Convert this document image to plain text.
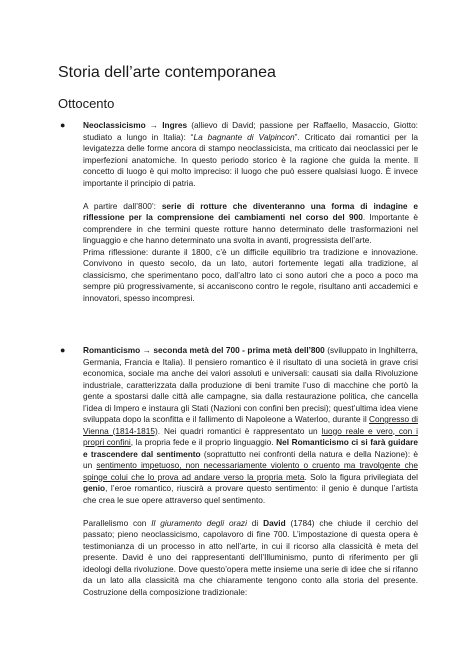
Storia dell’arte contemporanea
Ottocento
● Neoclassicismo → Ingres (allievo di David; passione per Raffaello, Masaccio, Giotto: studiato a lungo in Italia): “La bagnante di Valpincon”. Criticato dai romantici per la levigatezza delle forme ancora di stampo neoclassicista, ma criticato dai neoclassici per le imperfezioni anatomiche. In questo periodo storico è la ragione che guida la mente. Il concetto di luogo è qui molto impreciso: il luogo che può essere qualsiasi luogo. È invece importante il principio di patria.

A partire dall’800’: serie di rotture che diventeranno una forma di indagine e riflessione per la comprensione dei cambiamenti nel corso del 900. Importante è comprendere in che termini queste rotture hanno determinato delle trasformazioni nel linguaggio e che hanno determinato una svolta in avanti, progressista dell’arte.

Prima riflessione: durante il 1800, c’è un difficile equilibrio tra tradizione e innovazione. Convivono in questo secolo, da un lato, autori fortemente legati alla tradizione, al classicismo, che sperimentano poco, dall’altro lato ci sono autori che a poco a poco ma sempre più progressivamente, si accaniscono contro le regole, risultano anti accademici e innovatori, spesso incompresi.

● Romanticismo → seconda metà del 700 - prima metà dell’800 (sviluppato in Inghilterra, Germania, Francia e Italia). Il pensiero romantico è il risultato di una società in grave crisi economica, sociale ma anche dei valori assoluti e universali: causati sia dalla Rivoluzione industriale, caratterizzata dalla produzione di beni tramite l’uso di macchine che portò la gente a spostarsi dalle città alle campagne, sia dalla restaurazione politica, che cancella l’idea di Impero e instaura gli Stati (Nazioni con confini ben precisi); quest’ultima idea viene sviluppata dopo la sconfitta e il fallimento di Napoleone a Waterloo, durante il Congresso di Vienna (1814-1815). Nei quadri romantici è rappresentato un luogo reale e vero, con i propri confini, la propria fede e il proprio linguaggio. Nel Romanticismo ci si farà guidare e trascendere dal sentimento (soprattutto nei confronti della natura e della Nazione): è un sentimento impetuoso, non necessariamente violento o cruento ma travolgente che spinge colui che lo prova ad andare verso la propria meta. Solo la figura privilegiata del genio, l’eroe romantico, riuscirà a provare questo sentimento: il genio è dunque l’artista che crea le sue opere attraverso quel sentimento.

Parallelismo con Il giuramento degli orazi di David (1784) che chiude il cerchio del passato; pieno neoclassicismo, capolavoro di fine 700. L’impostazione di questa opera è testimonianza di un processo in atto nell’arte, in cui il ricorso alla classicità è meta del presente. David è uno dei rappresentanti dell’Illuminismo, punto di riferimento per gli ideologi della rivoluzione. Dove questo’opera mette insieme una serie di idee che si rifanno da un lato alla classicità ma che chiaramente tengono conto alla storia del presente. Costruzione della composizione tradizionale:
